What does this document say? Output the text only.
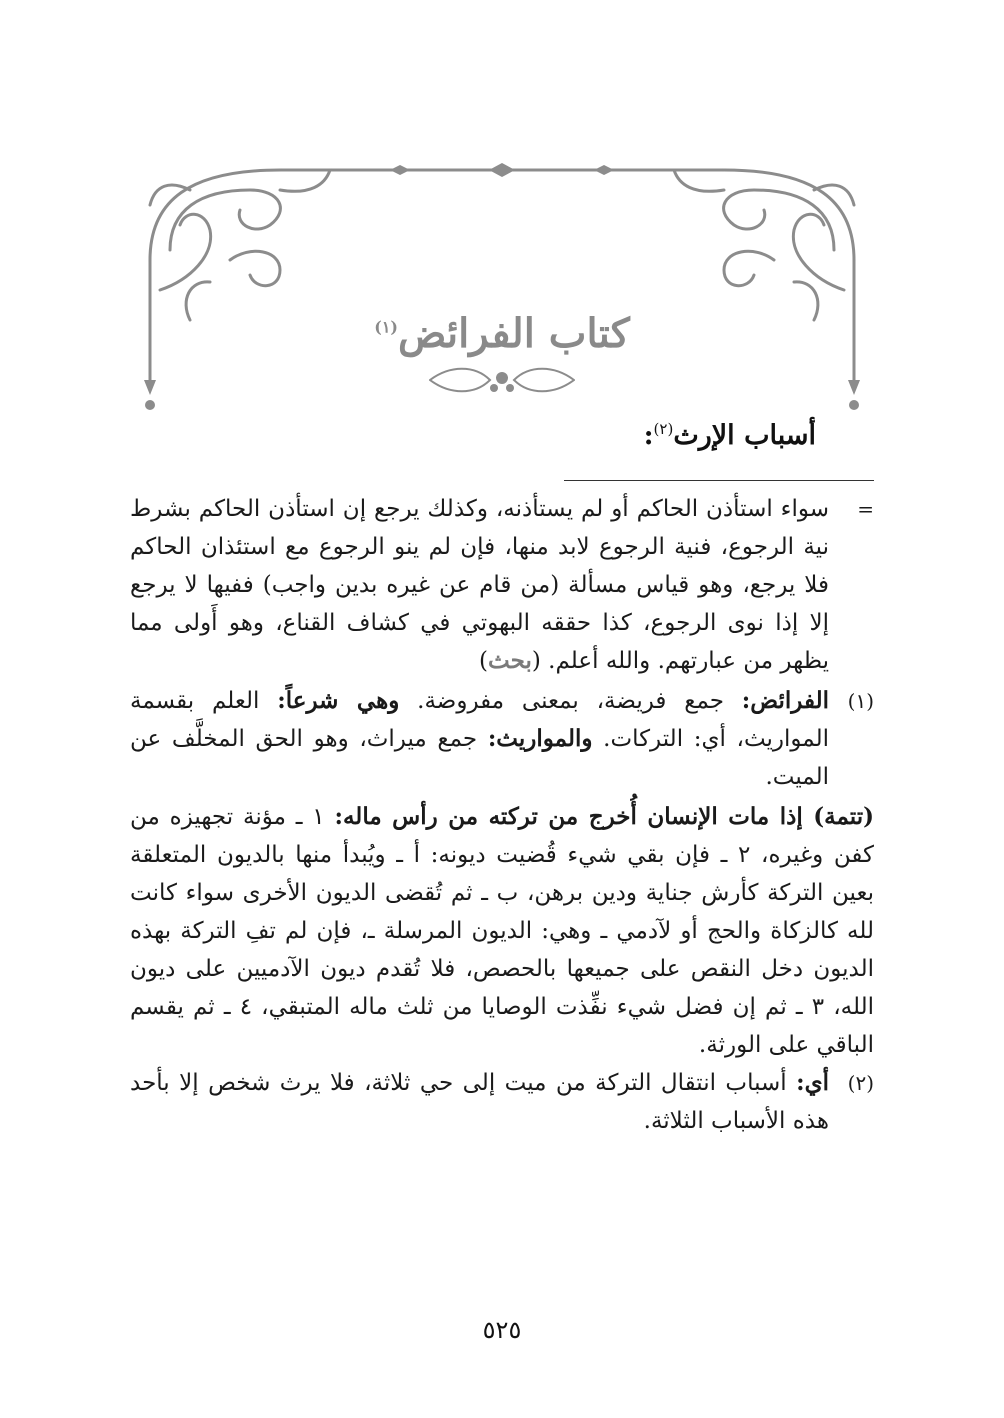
كتاب الفرائض$^{(١)}$
أسباب الإرث$^{(٢)}$:
=

سواء استأذن الحاكم أو لم يستأذنه، وكذلك يرجع إن استأذن الحاكم بشرط نية الرجوع، فنية الرجوع لابد منها، فإن لم ينو الرجوع مع استئذان الحاكم فلا يرجع، وهو قياس مسألة (من قام عن غيره بدين واجب) ففيها لا يرجع إلا إذا نوى الرجوع، كذا حققه البهوتي في كشاف القناع، وهو أَولى مما يظهر من عبارتهم. والله أعلم. (بحث)

(١)

الفرائض: جمع فريضة، بمعنى مفروضة. وهي شرعاً: العلم بقسمة المواريث، أي: التركات. والمواريث: جمع ميراث، وهو الحق المخلَّف عن الميت.

(تتمة) إذا مات الإنسان أُخرج من تركته من رأس ماله: ١ ـ مؤنة تجهيزه من كفن وغيره، ٢ ـ فإن بقي شيء قُضيت ديونه: أ ـ ويُبدأ منها بالديون المتعلقة بعين التركة كأرش جناية ودين برهن، ب ـ ثم تُقضى الديون الأخرى سواء كانت لله كالزكاة والحج أو لآدمي ـ وهي: الديون المرسلة ـ، فإن لم تفِ التركة بهذه الديون دخل النقص على جميعها بالحصص، فلا تُقدم ديون الآدميين على ديون الله، ٣ ـ ثم إن فضل شيء نفِّذت الوصايا من ثلث ماله المتبقي، ٤ ـ ثم يقسم الباقي على الورثة.

(٢)

أي: أسباب انتقال التركة من ميت إلى حي ثلاثة، فلا يرث شخص إلا بأحد هذه الأسباب الثلاثة.

٥٢٥
